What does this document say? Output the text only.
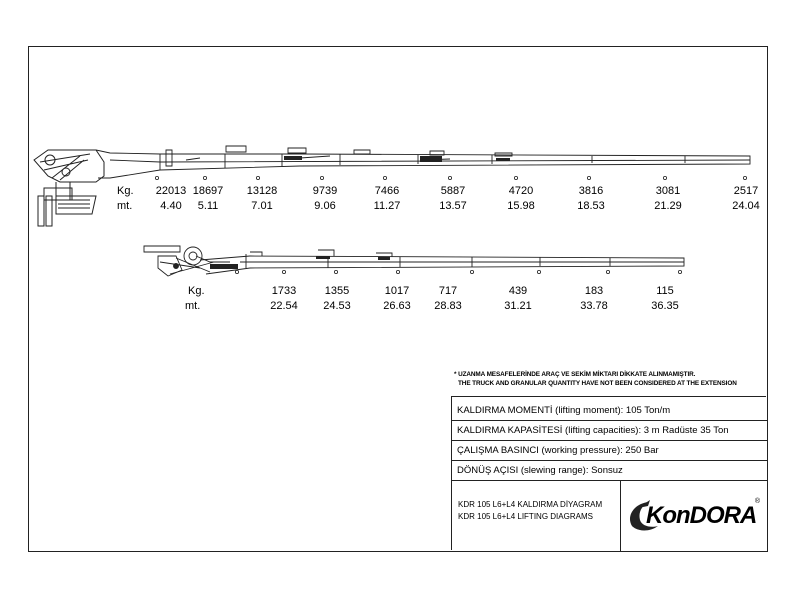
Kg.
mt.
22013 18697 13128	9739	7466	5887	4720	3816	3081	2517
4.40 5.11	7.01	9.06	11.27	13.57	15.98	18.53	21.29	24.04
Kg.
mt.
1733	1355	1017	717	439	183	115
22.54 24.53	26.63 28.83	31.21	33.78	36.35
* UZANMA MESAFELERİNDE ARAÇ VE SEKİM MİKTARI DİKKATE ALINMAMIŞTIR.
THE TRUCK AND GRANULAR QUANTITY HAVE NOT BEEN CONSIDERED AT THE EXTENSION
KALDIRMA MOMENTİ (lifting moment): 105 Ton/m
KALDIRMA KAPASİTESİ (lifting capacities): 3 m Radüste 35 Ton
ÇALIŞMA BASINCI (working pressure): 250 Bar
DÖNÜŞ AÇISI (slewing range): Sonsuz
KDR 105 L6+L4 KALDIRMA DİYAGRAM
KDR 105 L6+L4 LIFTING DIAGRAMS KonDORA
®
